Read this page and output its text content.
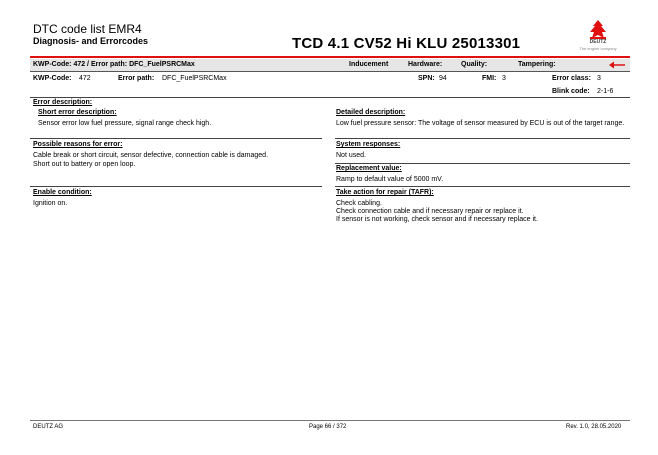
DTC code list EMR4
Diagnosis- and Errorcodes	TCD 4.1 CV52 Hi KLU 25013301	DEUTZ
The engine company
KWP-Code: 472 / Error path: DFC_FuelPSRCMax	Inducement	Hardware:	Quality:	Tampering:
KWP-Code: 472	Error path: DFC_FuelPSRCMax	SPN: 94	FMI: 3	Error class: 3
Blink code: 2-1-6
Error description:
Short error description:
Sensor error low fuel pressure, signal range check high.
Detailed description:
Low fuel pressure sensor: The voltage of sensor measured by ECU is out of the target range.
Possible reasons for error:
Cable break or short circuit, sensor defective, connection cable is damaged.
Short out to battery or open loop.
System responses:
Not used.
Replacement value:
Ramp to default value of 5000 mV.
Enable condition:
Ignition on.
Take action for repair (TAFR):
Check cabling.
Check connection cable and if necessary repair or replace it.
If sensor is not working, check sensor and if necessary replace it.
DEUTZ AG	Page 66 / 372	Rev. 1.0, 28.05.2020
